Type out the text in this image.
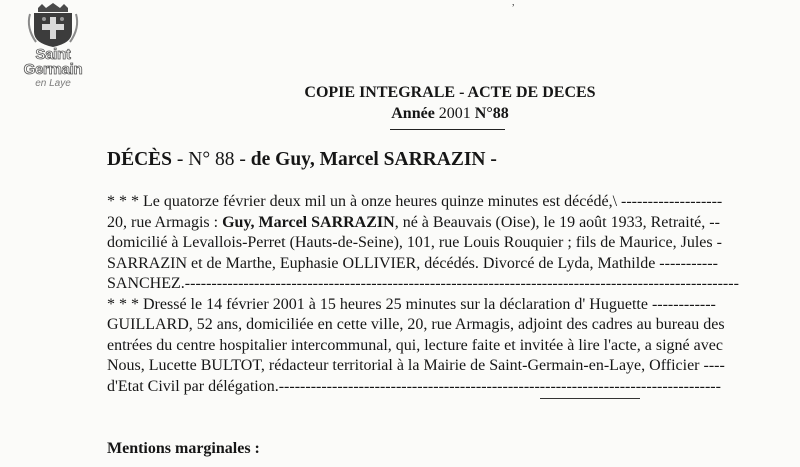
,
Saint
Germain
en Laye
COPIE INTEGRALE - ACTE DE DECES
Année 2001 N°88
DÉCÈS - N° 88 - de Guy, Marcel SARRAZIN -
* * * Le quatorze février deux mil un à onze heures quinze minutes est décédé,\ -------------------
20, rue Armagis : Guy, Marcel SARRAZIN, né à Beauvais (Oise), le 19 août 1933, Retraité, --
domicilié à Levallois-Perret (Hauts-de-Seine), 101, rue Louis Rouquier ; fils de Maurice, Jules -
SARRAZIN et de Marthe, Euphasie OLLIVIER, décédés. Divorcé de Lyda, Mathilde -----------
SANCHEZ.--------------------------------------------------------------------------------------------------------
* * * Dressé le 14 février 2001 à 15 heures 25 minutes sur la déclaration d' Huguette ------------
GUILLARD, 52 ans, domiciliée en cette ville, 20, rue Armagis, adjoint des cadres au bureau des
entrées du centre hospitalier intercommunal, qui, lecture faite et invitée à lire l'acte, a signé avec
Nous, Lucette BULTOT, rédacteur territorial à la Mairie de Saint-Germain-en-Laye, Officier ----
d'Etat Civil par délégation.-----------------------------------------------------------------------------------
Mentions marginales :
